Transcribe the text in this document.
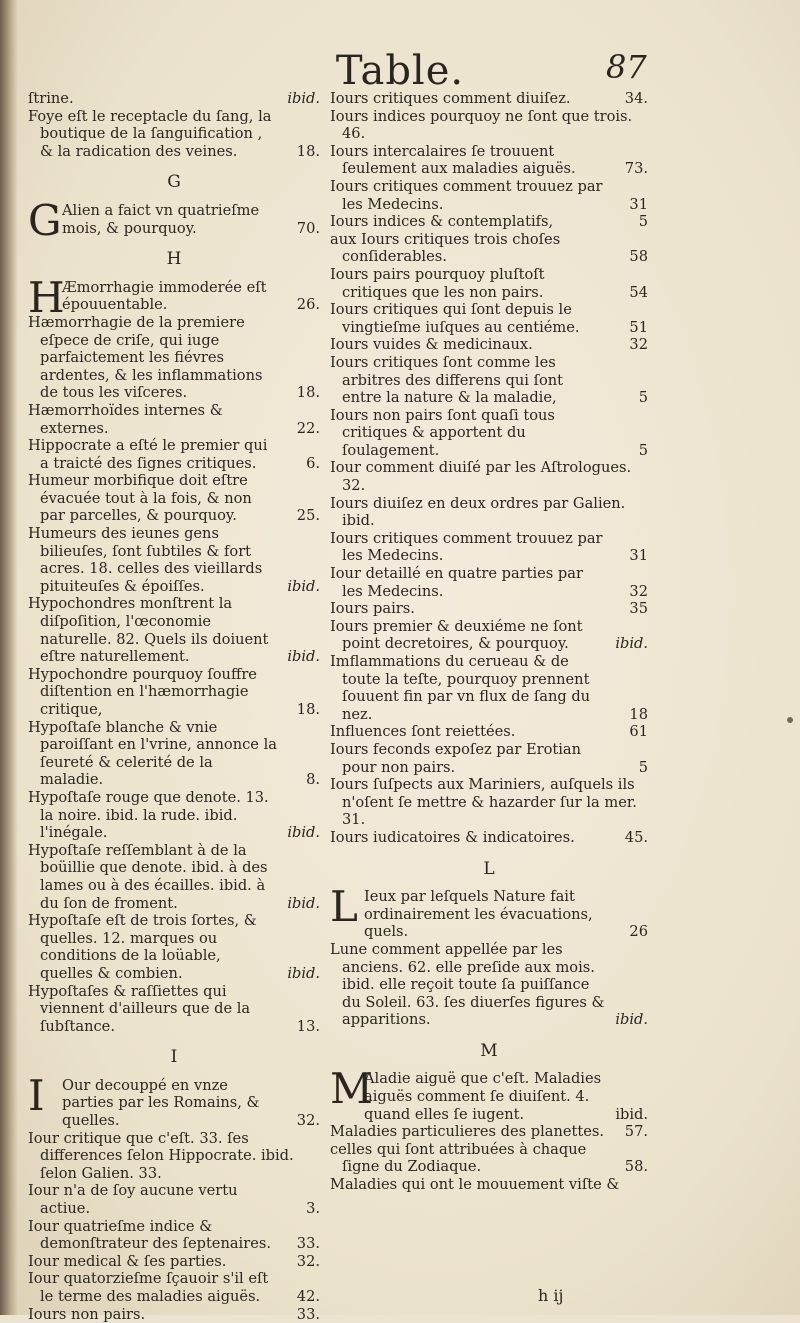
Table.	87
ſtrine.	ibid.
Foye eſt le receptacle du ſang, la boutique de la ſanguification , & la radication des veines.	18.
G
G Alien a faict vn quatrieſme mois, & pourquoy.	70.
H
H
Æmorrhagie immoderée eſt épouuentable.	26.
Hæmorrhagie de la premiere eſpece de criſe, qui iuge parfaictement les fiévres ardentes, & les inflammations de tous les viſceres.	18.
Hæmorrhoïdes internes & externes.	22.
Hippocrate a eſté le premier qui a traicté des ſignes critiques.	6.
Humeur morbifique doit eſtre évacuée tout à la fois, & non par parcelles, & pourquoy.	25.
Humeurs des ieunes gens bilieuſes, ſont ſubtiles & fort acres. 18. celles des vieillards pituiteuſes & époiſſes.	ibid.
Hypochondres monſtrent la diſpoſition, l'œconomie naturelle. 82. Quels ils doiuent eſtre naturellement.	ibid.
Hypochondre pourquoy ſouffre diſtention en l'hæmorrhagie critique,	18.
Hypoſtaſe blanche & vnie paroiſſant en l'vrine, annonce la ſeureté & celerité de la maladie.	8.
Hypoſtaſe rouge que denote. 13. la noire. ibid. la rude. ibid. l'inégale.	ibid.
Hypoſtaſe reſſemblant à de la boüillie que denote. ibid. à des lames ou à des écailles. ibid. à du ſon de froment.	ibid.
Hypoſtaſe eſt de trois ſortes, & quelles. 12. marques ou conditions de la loüable, quelles & combien.	ibid.
Hypoſtaſes & raſſiettes qui viennent d'ailleurs que de la ſubſtance.	13.
I
I Our decouppé en vnze parties par les Romains, & quelles.	32.
Iour critique que c'eſt. 33. ſes differences ſelon Hippocrate. ibid. ſelon Galien. 33.
Iour n'a de ſoy aucune vertu actiue.	3.
Iour quatrieſme indice & demonſtrateur des ſeptenaires.	33.
Iour medical & ſes parties.	32.
Iour quatorzieſme ſçauoir s'il eſt le terme des maladies aiguës.	42.
Iours non pairs.	33.
Iours critiques comment diuiſez.	34.
Iours indices pourquoy ne ſont que trois. 46.
Iours intercalaires ſe trouuent ſeulement aux maladies aiguës.	73.
Iours critiques comment trouuez par les Medecins.	31
Iours indices & contemplatifs,	5
aux Iours critiques trois choſes conſiderables.	58
Iours pairs pourquoy pluſtoſt critiques que les non pairs.	54
Iours critiques qui ſont depuis le vingtieſme iuſques au centiéme.	51
Iours vuides & medicinaux.	32
Iours critiques ſont comme les arbitres des differens qui ſont entre la nature & la maladie,	5
Iours non pairs ſont quaſi tous critiques & apportent du ſoulagement.	5
Iour comment diuiſé par les Aſtrologues. 32.
Iours diuiſez en deux ordres par Galien. ibid.
Iours critiques comment trouuez par les Medecins.	31
Iour detaillé en quatre parties par les Medecins.	32
Iours pairs.	35
Iours premier & deuxiéme ne ſont point decretoires, & pourquoy.	ibid.
Imflammations du cerueau & de toute la teſte, pourquoy prennent ſouuent fin par vn flux de ſang du nez.	18
Influences ſont reiettées.	61
Iours feconds expoſez par Erotian pour non pairs.	5
Iours ſuſpects aux Mariniers, auſquels ils n'oſent ſe mettre & hazarder ſur la mer. 31.
Iours iudicatoires & indicatoires.	45.
L
L Ieux par leſquels Nature fait ordinairement les évacuations, quels.	26
Lune comment appellée par les anciens. 62. elle preſide aux mois. ibid. elle reçoit toute ſa puiſſance du Soleil. 63. ſes diuerſes figures & apparitions.	ibid.
M
M
Aladie aiguë que c'eſt. Maladies aiguës comment ſe diuiſent. 4. quand elles ſe iugent.	ibid.
Maladies particulieres des planettes.	57.
celles qui ſont attribuées à chaque ſigne du Zodiaque.	58.
Maladies qui ont le mouuement viſte &
h ij
